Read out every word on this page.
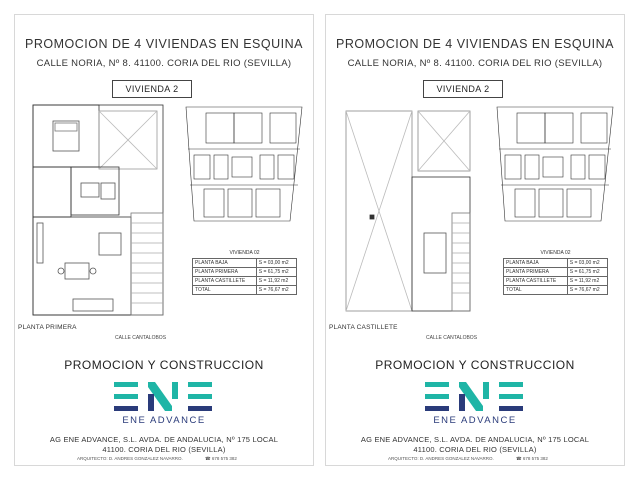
PROMOCION DE 4 VIVIENDAS EN ESQUINA
CALLE NORIA, Nº 8. 41100. CORIA DEL RIO (SEVILLA)
VIVIENDA 2
VIVIENDA 02
PLANTA BAJA	S = 03,00 m2
PLANTA PRIMERA	S = 61,75 m2
PLANTA CASTILLETE	S = 11,92 m2
TOTAL	S = 76,67 m2
PLANTA PRIMERA
CALLE CANTALOBOS
PROMOCION Y CONSTRUCCION
ENE ADVANCE
AG ENE ADVANCE, S.L. AVDA. DE ANDALUCIA, Nº 175 LOCAL
41100. CORIA DEL RIO (SEVILLA)
ARQUITECTO: D. ANDRES GONZALEZ NAVARRO.	☎ 678 575 382
PROMOCION DE 4 VIVIENDAS EN ESQUINA
CALLE NORIA, Nº 8. 41100. CORIA DEL RIO (SEVILLA)
VIVIENDA 2
VIVIENDA 02
PLANTA BAJA	S = 03,00 m2
PLANTA PRIMERA	S = 61,75 m2
PLANTA CASTILLETE	S = 11,92 m2
TOTAL	S = 76,67 m2
PLANTA CASTILLETE
CALLE CANTALOBOS
PROMOCION Y CONSTRUCCION
ENE ADVANCE
AG ENE ADVANCE, S.L. AVDA. DE ANDALUCIA, Nº 175 LOCAL
41100. CORIA DEL RIO (SEVILLA)
ARQUITECTO: D. ANDRES GONZALEZ NAVARRO.	☎ 678 575 382
